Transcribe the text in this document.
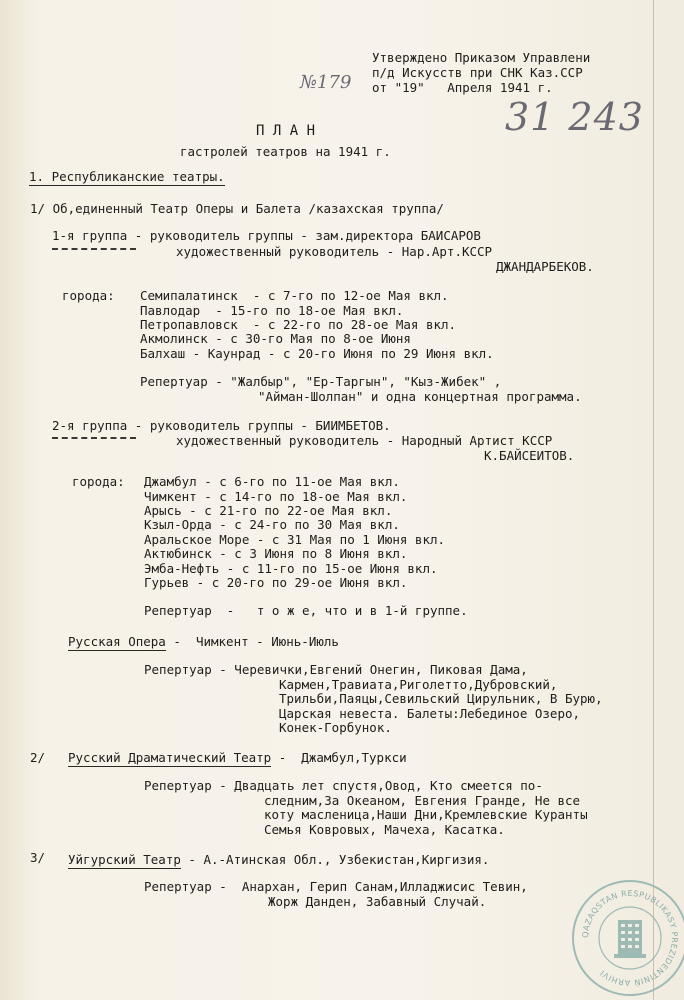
Утверждено Приказом Управлени
п/д Искусств при СНК Каз.ССР
от "19"   Апреля 1941 г.
№179
31 243
П Л А Н
гастролей театров на 1941 г.
1. Республиканские театры.
1/ Об,единенный Театр Оперы и Балета /казахская труппа/
1-я группа - руководитель группы - зам.директора БАИСАРОВ
художественный руководитель - Нар.Арт.КССР
ДЖАНДАРБЕКОВ.
города: Семипалатинск  - с 7-го по 12-ое Мая вкл.
Павлодар  - 15-го по 18-ое Мая вкл.
Петропавловск  - с 22-го по 28-ое Мая вкл.
Акмолинск - с 30-го Мая по 8-ое Июня
Балхаш - Каунрад - с 20-го Июня по 29 Июня вкл.
Репертуар - "Жалбыр", "Ер-Таргын", "Кыз-Жибек" ,
"Айман-Шолпан" и одна концертная программа.
2-я группа - руководитель группы - БИИМБЕТОВ.
художественный руководитель - Народный Артист КССР
К.БАЙСЕИТОВ.
города: Джамбул - с 6-го по 11-ое Мая вкл.
Чимкент - с 14-го по 18-ое Мая вкл.
Арысь - с 21-го по 22-ое Мая вкл.
Кзыл-Орда - с 24-го по 30 Мая вкл.
Аральское Море - с 31 Мая по 1 Июня вкл.
Актюбинск - с 3 Июня по 8 Июня вкл.
Эмба-Нефть - с 11-го по 15-ое Июня вкл.
Гурьев - с 20-го по 29-ое Июня вкл.
Репертуар  -   т о ж е, что и в 1-й группе.
Русская Опера -  Чимкент - Июнь-Июль
Репертуар - Черевички,Евгений Онегин, Пиковая Дама,
Кармен,Травиата,Риголетто,Дубровский,
Трильби,Паяцы,Севильский Цирульник, В Бурю,
Царская невеста. Балеты:Лебединое Озеро,
Конек-Горбунок.
2/ Русский Драматический Театр -  Джамбул,Туркси
Репертуар - Двадцать лет спустя,Овод, Кто смеется по-
следним,За Океаном, Евгения Гранде, Не все
коту масленица,Наши Дни,Кремлевские Куранты
Семья Ковровых, Мачеха, Касатка.
3/ Уйгурский Театр - А.-Атинская Обл., Узбекистан,Киргизия.
Репертуар -  Анархан, Герип Санам,Илладжисис Тевин,
Жорж Данден, Забавный Случай.
QAZAQSTAN RESPUBLIKASY PREZIDENTINIŃ ARHIVI
